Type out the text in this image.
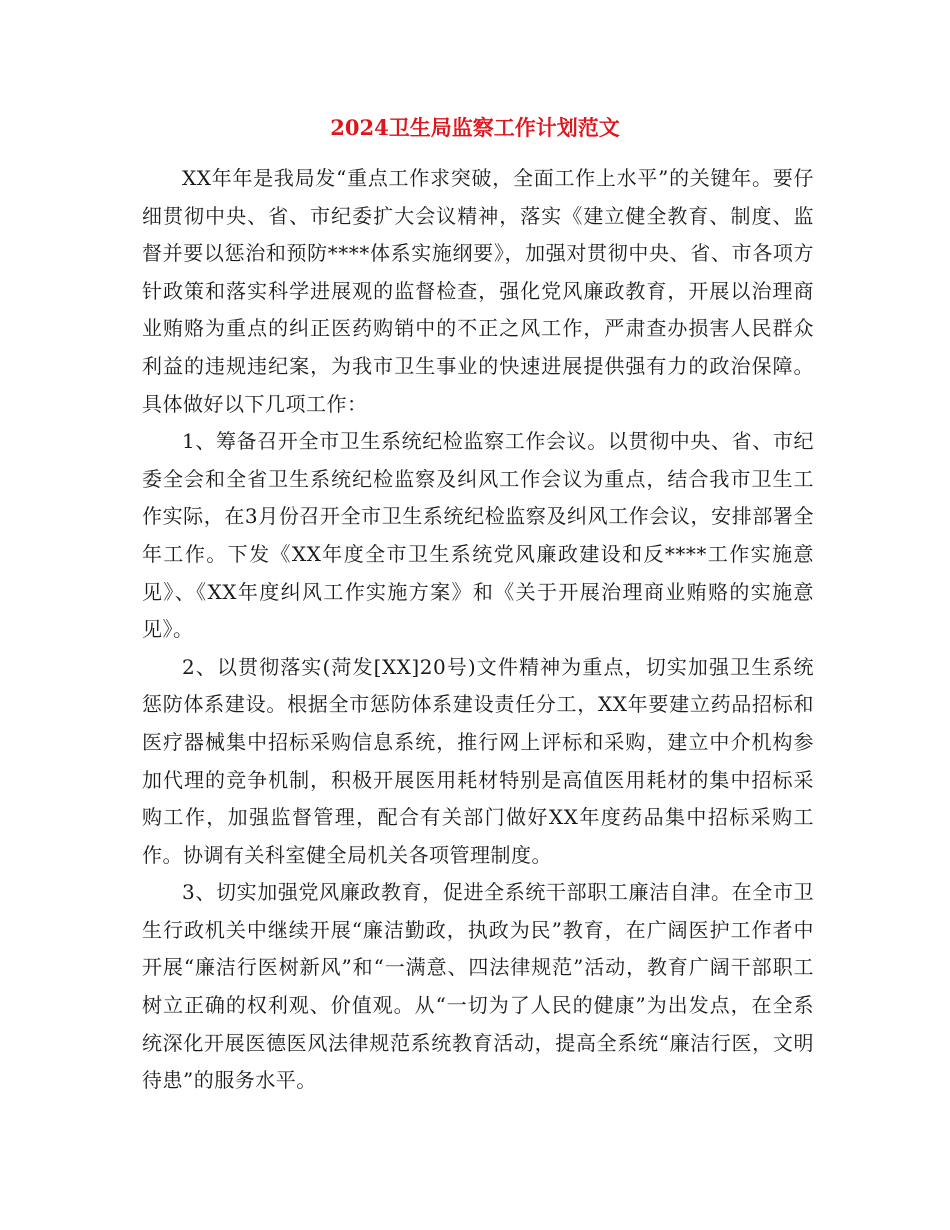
2024卫生局监察工作计划范文

XX年年是我局发“重点工作求突破，全面工作上水平”的关键年。要仔细贯彻中央、省、市纪委扩大会议精神，落实《建立健全教育、制度、监督并要以惩治和预防****体系实施纲要》，加强对贯彻中央、省、市各项方针政策和落实科学进展观的监督检查，强化党风廉政教育，开展以治理商业贿赂为重点的纠正医药购销中的不正之风工作，严肃查办损害人民群众利益的违规违纪案，为我市卫生事业的快速进展提供强有力的政治保障。具体做好以下几项工作：

1、筹备召开全市卫生系统纪检监察工作会议。以贯彻中央、省、市纪委全会和全省卫生系统纪检监察及纠风工作会议为重点，结合我市卫生工作实际，在3月份召开全市卫生系统纪检监察及纠风工作会议，安排部署全年工作。下发《XX年度全市卫生系统党风廉政建设和反****工作实施意见》、《XX年度纠风工作实施方案》和《关于开展治理商业贿赂的实施意见》。

2、以贯彻落实(菏发[XX]20号)文件精神为重点，切实加强卫生系统惩防体系建设。根据全市惩防体系建设责任分工，XX年要建立药品招标和医疗器械集中招标采购信息系统，推行网上评标和采购，建立中介机构参加代理的竞争机制，积极开展医用耗材特别是高值医用耗材的集中招标采购工作，加强监督管理，配合有关部门做好XX年度药品集中招标采购工作。协调有关科室健全局机关各项管理制度。

3、切实加强党风廉政教育，促进全系统干部职工廉洁自津。在全市卫生行政机关中继续开展“廉洁勤政，执政为民”教育，在广阔医护工作者中开展“廉洁行医树新风”和“一满意、四法律规范”活动，教育广阔干部职工树立正确的权利观、价值观。从“一切为了人民的健康”为出发点，在全系统深化开展医德医风法律规范系统教育活动，提高全系统“廉洁行医，文明待患”的服务水平。
